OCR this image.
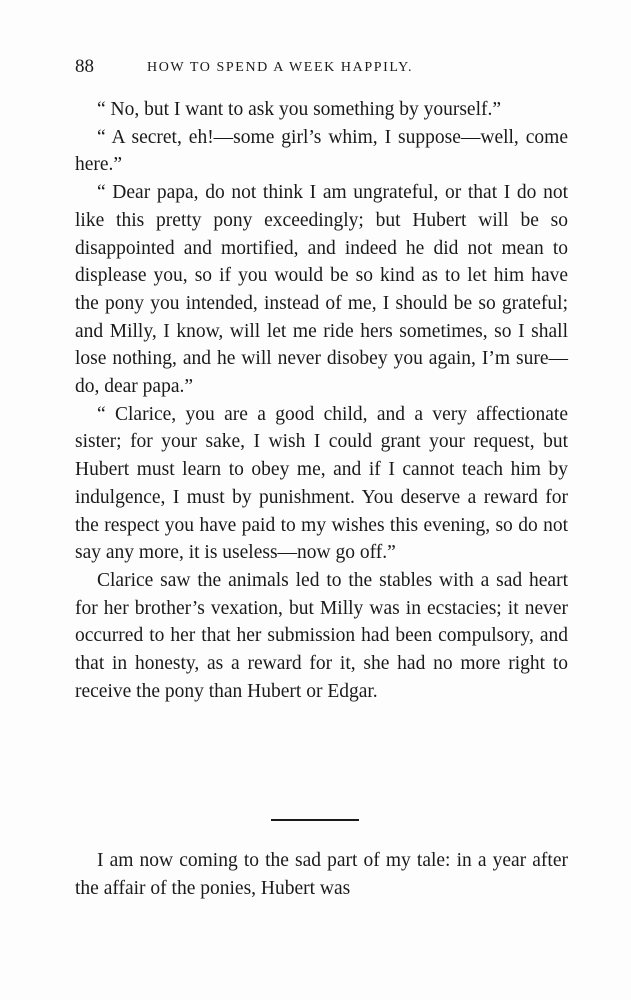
88	HOW TO SPEND A WEEK HAPPILY.

“ No, but I want to ask you something by yourself.”

“ A secret, eh!—some girl’s whim, I suppose—well, come here.”

“ Dear papa, do not think I am ungrateful, or that I do not like this pretty pony exceedingly; but Hubert will be so disappointed and mortified, and indeed he did not mean to displease you, so if you would be so kind as to let him have the pony you intended, instead of me, I should be so grateful; and Milly, I know, will let me ride hers sometimes, so I shall lose nothing, and he will never disobey you again, I’m sure—do, dear papa.”

“ Clarice, you are a good child, and a very affectionate sister; for your sake, I wish I could grant your request, but Hubert must learn to obey me, and if I cannot teach him by indulgence, I must by punishment. You deserve a reward for the respect you have paid to my wishes this evening, so do not say any more, it is useless—now go off.”

Clarice saw the animals led to the stables with a sad heart for her brother’s vexation, but Milly was in ecstacies; it never occurred to her that her submission had been compulsory, and that in honesty, as a reward for it, she had no more right to receive the pony than Hubert or Edgar.

I am now coming to the sad part of my tale: in a year after the affair of the ponies, Hubert was
